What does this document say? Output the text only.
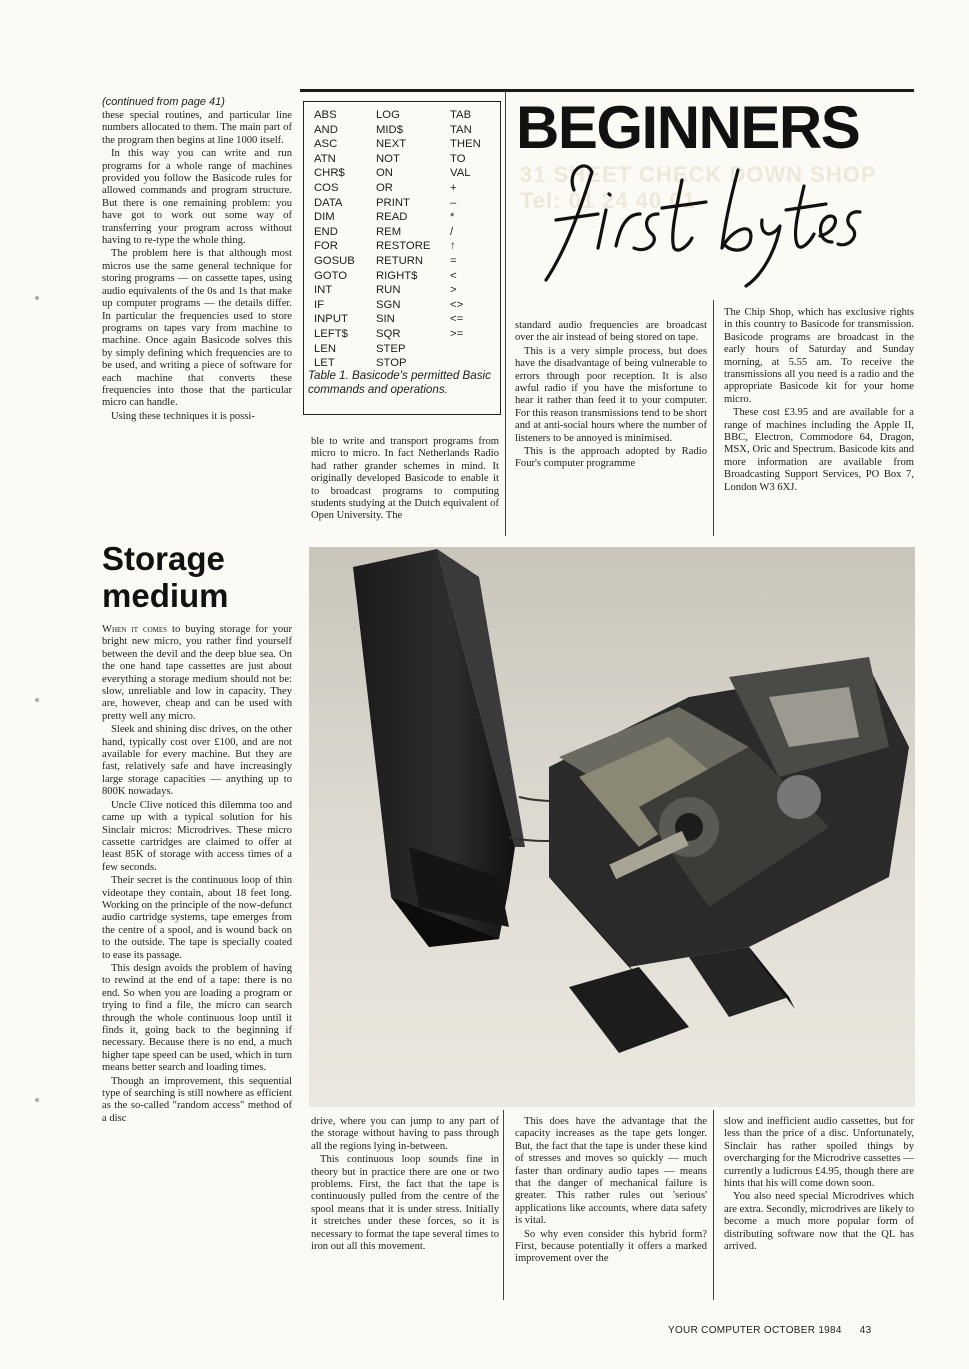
(continued from page 41)

these special routines, and particular line numbers allocated to them. The main part of the program then begins at line 1000 itself.

In this way you can write and run programs for a whole range of machines provided you follow the Basicode rules for allowed commands and program structure. But there is one remaining problem: you have got to work out some way of transferring your program across without having to re-type the whole thing.

The problem here is that although most micros use the same general technique for storing programs — on cassette tapes, using audio equivalents of the 0s and 1s that make up computer programs — the details differ. In particular the frequencies used to store programs on tapes vary from machine to machine. Once again Basicode solves this by simply defining which frequencies are to be used, and writing a piece of software for each machine that converts these frequencies into those that the particular micro can handle.

Using these techniques it is possi-

ABS
AND
ASC
ATN
CHR$
COS
DATA
DIM
END
FOR
GOSUB
GOTO
INT
IF
INPUT
LEFT$
LEN
LET
LOG
MID$
NEXT
NOT
ON
OR
PRINT
READ
REM
RESTORE
RETURN
RIGHT$
RUN
SGN
SIN
SQR
STEP
STOP
TAB
TAN
THEN
TO
VAL
+
–
*
/
↑
=
<
>
<>
<=
>=
Table 1. Basicode's permitted Basic commands and operations.
31 SHEET CHECK DOWN SHOP
Tel: 01 24 40 01
BEGINNERS

ble to write and transport programs from micro to micro. In fact Netherlands Radio had rather grander schemes in mind. It originally developed Basicode to enable it to broadcast programs to computing students studying at the Dutch equivalent of Open University. The

standard audio frequencies are broadcast over the air instead of being stored on tape.

This is a very simple process, but does have the disadvantage of being vulnerable to errors through poor reception. It is also awful radio if you have the misfortune to hear it rather than feed it to your computer. For this reason transmissions tend to be short and at anti-social hours where the number of listeners to be annoyed is minimised.

This is the approach adopted by Radio Four's computer programme

The Chip Shop, which has exclusive rights in this country to Basicode for transmission. Basicode programs are broadcast in the early hours of Saturday and Sunday morning, at 5.55 am. To receive the transmissions all you need is a radio and the appropriate Basicode kit for your home micro.

These cost £3.95 and are available for a range of machines including the Apple II, BBC, Electron, Commodore 64, Dragon, MSX, Oric and Spectrum. Basicode kits and more information are available from Broadcasting Support Services, PO Box 7, London W3 6XJ.

Storage
medium

When it comes to buying storage for your bright new micro, you rather find yourself between the devil and the deep blue sea. On the one hand tape cassettes are just about everything a storage medium should not be: slow, unreliable and low in capacity. They are, however, cheap and can be used with pretty well any micro.

Sleek and shining disc drives, on the other hand, typically cost over £100, and are not available for every machine. But they are fast, relatively safe and have increasingly large storage capacities — anything up to 800K nowadays.

Uncle Clive noticed this dilemma too and came up with a typical solution for his Sinclair micros: Microdrives. These micro cassette cartridges are claimed to offer at least 85K of storage with access times of a few seconds.

Their secret is the continuous loop of thin videotape they contain, about 18 feet long. Working on the principle of the now-defunct audio cartridge systems, tape emerges from the centre of a spool, and is wound back on to the outside. The tape is specially coated to ease its passage.

This design avoids the problem of having to rewind at the end of a tape: there is no end. So when you are loading a program or trying to find a file, the micro can search through the whole continuous loop until it finds it, going back to the beginning if necessary. Because there is no end, a much higher tape speed can be used, which in turn means better search and loading times.

Though an improvement, this sequential type of searching is still nowhere as efficient as the so-called "random access" method of a disc	drive, where you can jump to any part of the storage without having to pass through all the regions lying in-between.

This continuous loop sounds fine in theory but in practice there are one or two problems. First, the fact that the tape is continuously pulled from the centre of the spool means that it is under stress. Initially it stretches under these forces, so it is necessary to format the tape several times to iron out all this movement.

This does have the advantage that the capacity increases as the tape gets longer. But, the fact that the tape is under these kind of stresses and moves so quickly — much faster than ordinary audio tapes — means that the danger of mechanical failure is greater. This rather rules out 'serious' applications like accounts, where data safety is vital.

So why even consider this hybrid form? First, because potentially it offers a marked improvement over the

slow and inefficient audio cassettes, but for less than the price of a disc. Unfortunately, Sinclair has rather spoiled things by overcharging for the Microdrive cassettes — currently a ludicrous £4.95, though there are hints that his will come down soon.

You also need special Microdrives which are extra. Secondly, microdrives are likely to become a much more popular form of distributing software now that the QL has arrived.

YOUR COMPUTER OCTOBER 1984 43
